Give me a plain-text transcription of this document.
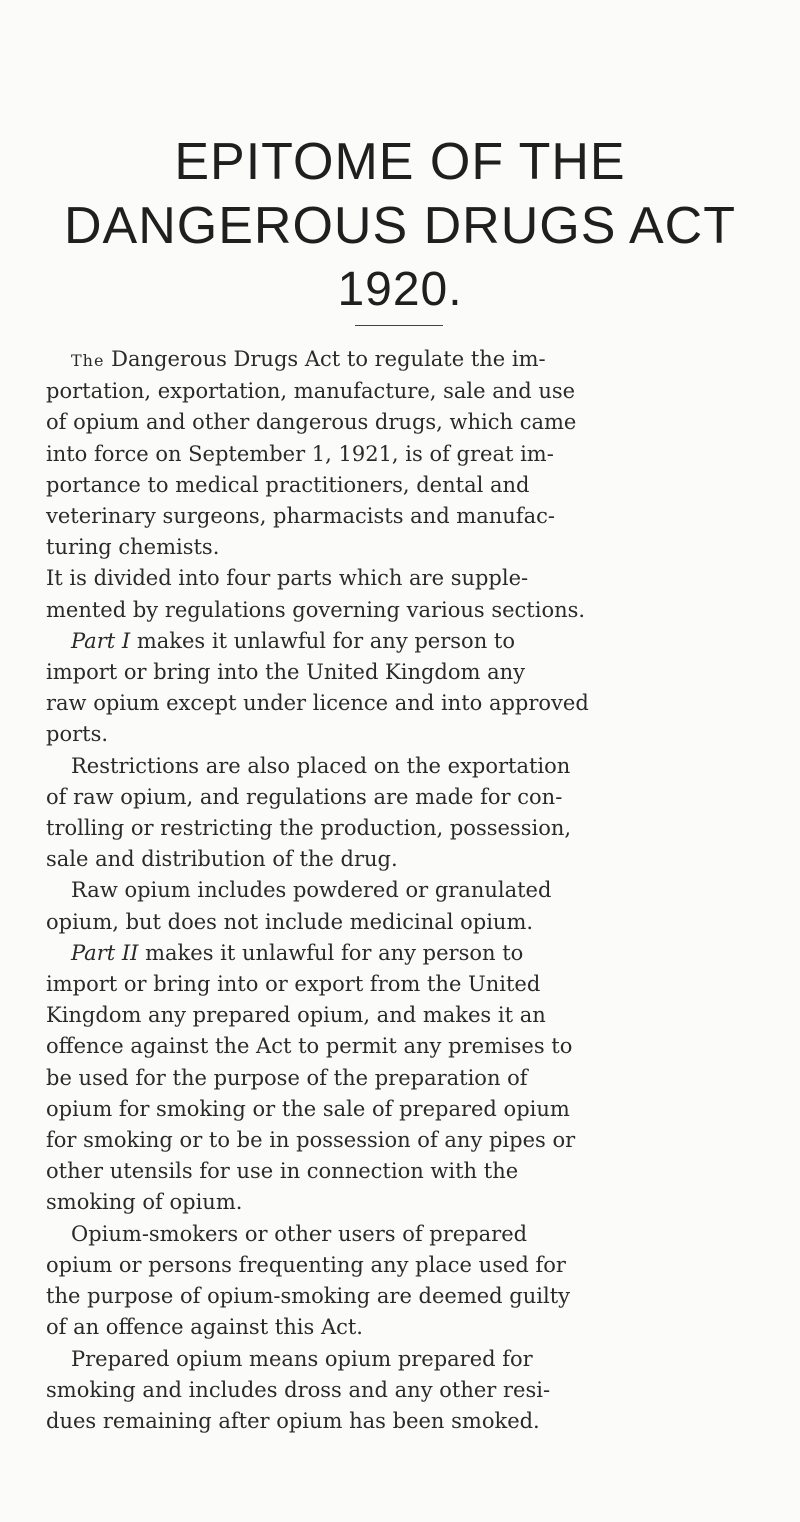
EPITOME OF THE
DANGEROUS DRUGS ACT
1920.

The Dangerous Drugs Act to regulate the im-

portation, exportation, manufacture, sale and use

of opium and other dangerous drugs, which came

into force on September 1, 1921, is of great im-

portance to medical practitioners, dental and

veterinary surgeons, pharmacists and manufac-

turing chemists.

It is divided into four parts which are supple-

mented by regulations governing various sections.

Part I makes it unlawful for any person to

import or bring into the United Kingdom any

raw opium except under licence and into approved

ports.

Restrictions are also placed on the exportation

of raw opium, and regulations are made for con-

trolling or restricting the production, possession,

sale and distribution of the drug.

Raw opium includes powdered or granulated

opium, but does not include medicinal opium.

Part II makes it unlawful for any person to

import or bring into or export from the United

Kingdom any prepared opium, and makes it an

offence against the Act to permit any premises to

be used for the purpose of the preparation of

opium for smoking or the sale of prepared opium

for smoking or to be in possession of any pipes or

other utensils for use in connection with the

smoking of opium.

Opium-smokers or other users of prepared

opium or persons frequenting any place used for

the purpose of opium-smoking are deemed guilty

of an offence against this Act.

Prepared opium means opium prepared for

smoking and includes dross and any other resi-

dues remaining after opium has been smoked.
